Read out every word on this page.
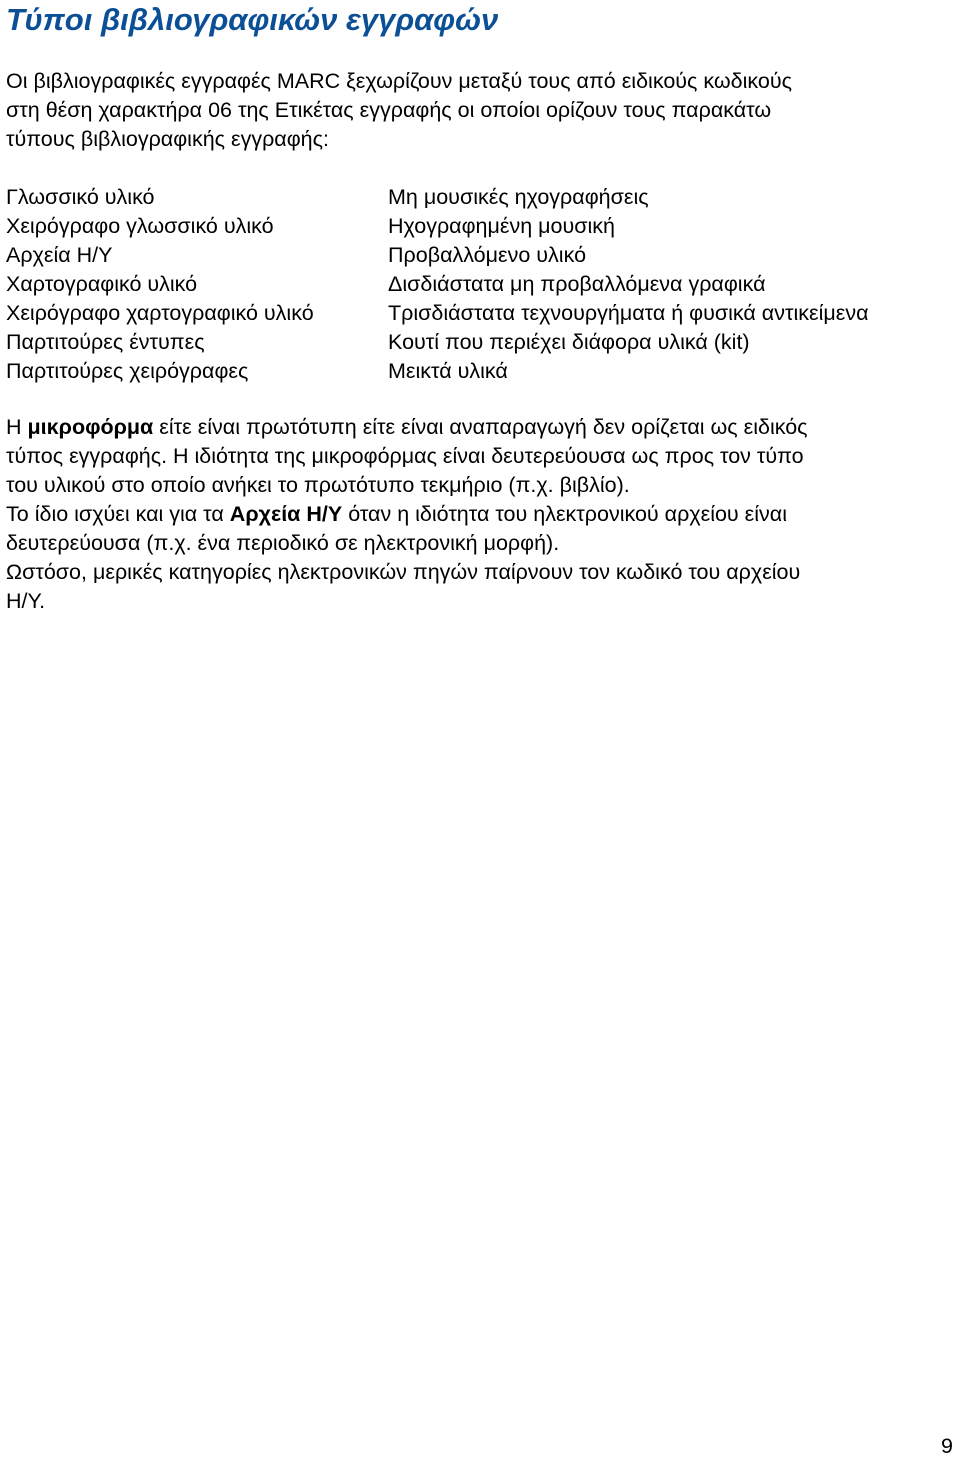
Τύποι βιβλιογραφικών εγγραφών
Οι βιβλιογραφικές εγγραφές MARC ξεχωρίζουν μεταξύ τους από ειδικούς κωδικούς
στη θέση χαρακτήρα 06 της Ετικέτας εγγραφής οι οποίοι ορίζουν τους παρακάτω
τύπους βιβλιογραφικής εγγραφής:
Γλωσσικό υλικό
Χειρόγραφο γλωσσικό υλικό
Αρχεία Η/Υ
Χαρτογραφικό υλικό
Χειρόγραφο χαρτογραφικό υλικό
Παρτιτούρες έντυπες
Παρτιτούρες χειρόγραφες
Μη μουσικές ηχογραφήσεις
Ηχογραφημένη μουσική
Προβαλλόμενο υλικό
Δισδιάστατα μη προβαλλόμενα γραφικά
Τρισδιάστατα τεχνουργήματα ή φυσικά αντικείμενα
Κουτί που περιέχει διάφορα υλικά (kit)
Μεικτά υλικά
Η μικροφόρμα είτε είναι πρωτότυπη είτε είναι αναπαραγωγή δεν ορίζεται ως ειδικός
τύπος εγγραφής. Η ιδιότητα της μικροφόρμας είναι δευτερεύουσα ως προς τον τύπο
του υλικού στο οποίο ανήκει το πρωτότυπο τεκμήριο (π.χ. βιβλίο).
Το ίδιο ισχύει και για τα Αρχεία Η/Υ όταν η ιδιότητα του ηλεκτρονικού αρχείου είναι
δευτερεύουσα (π.χ. ένα περιοδικό σε ηλεκτρονική μορφή).
Ωστόσο, μερικές κατηγορίες ηλεκτρονικών πηγών παίρνουν τον κωδικό του αρχείου
Η/Υ.
9
